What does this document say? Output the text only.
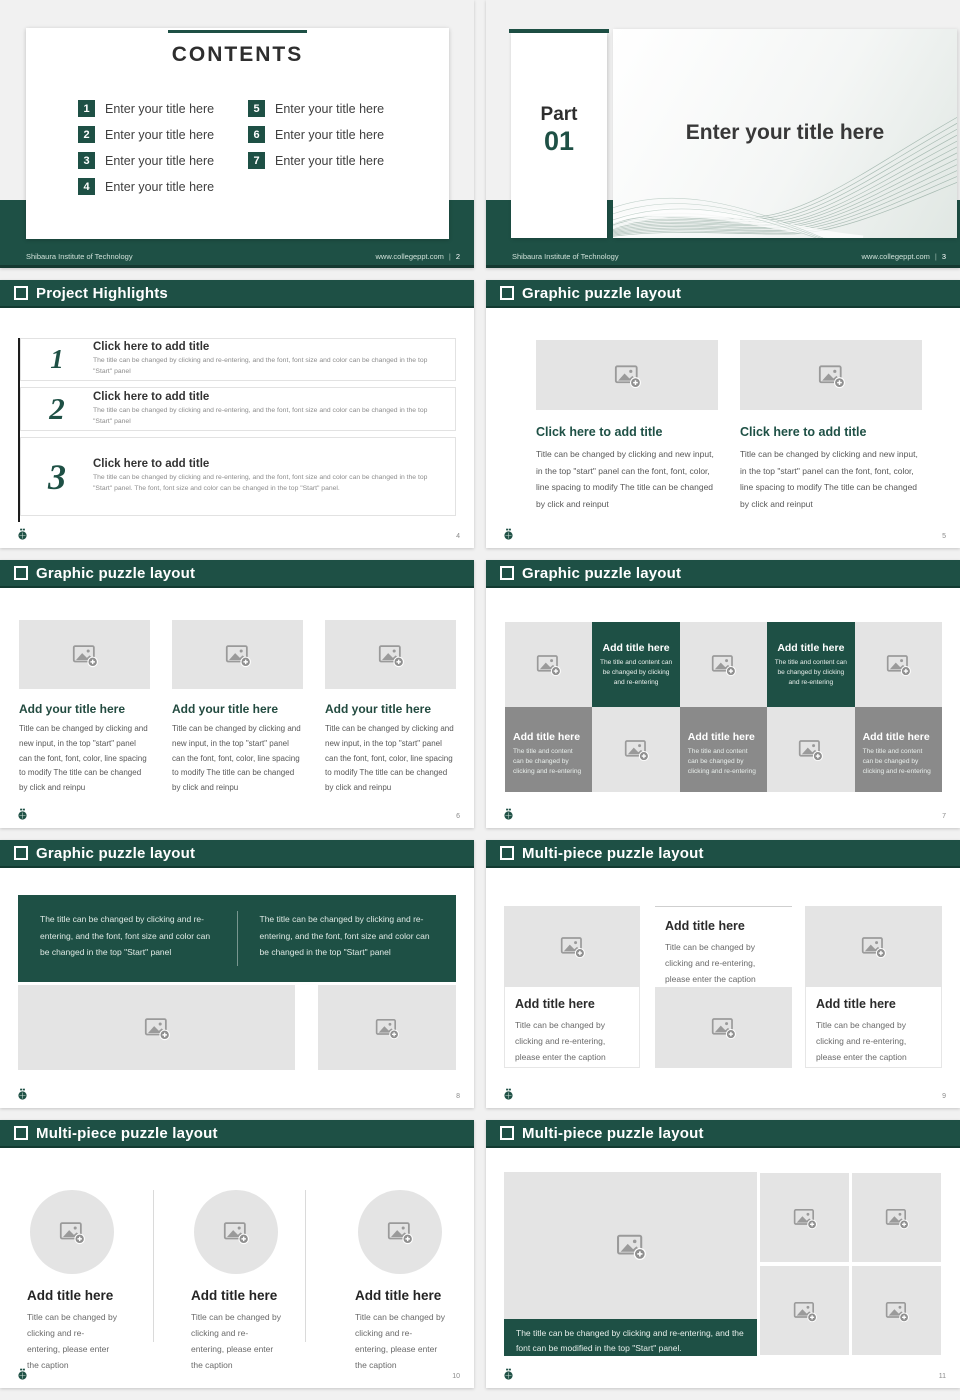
CONTENTS
1	Enter your title here
2	Enter your title here
3	Enter your title here
4	Enter your title here
5	Enter your title here
6	Enter your title here
7	Enter your title here
Shibaura Institute of Technology	www.collegeppt.com | 2
Enter your title here
Part
01
Shibaura Institute of Technology	www.collegeppt.com | 3
Project Highlights
1	Click here to add title
The title can be changed by clicking and re-entering, and the font, font size and color can be changed in the top "Start" panel
2	Click here to add title
The title can be changed by clicking and re-entering, and the font, font size and color can be changed in the top "Start" panel
3	Click here to add title
The title can be changed by clicking and re-entering, and the font, font size and color can be changed in the top "Start" panel. The font, font size and color can be changed in the top "Start" panel.
4
Graphic puzzle layout
Click here to add title
Title can be changed by clicking and new input, in the top "start" panel can the font, font, color, line spacing to modify The title can be changed by click and reinput
Click here to add title
Title can be changed by clicking and new input, in the top "start" panel can the font, font, color, line spacing to modify The title can be changed by click and reinput
5
Graphic puzzle layout
Add your title here
Title can be changed by clicking and new input, in the top "start" panel can the font, font, color, line spacing to modify The title can be changed by click and reinpu
Add your title here
Title can be changed by clicking and new input, in the top "start" panel can the font, font, color, line spacing to modify The title can be changed by click and reinpu
Add your title here
Title can be changed by clicking and new input, in the top "start" panel can the font, font, color, line spacing to modify The title can be changed by click and reinpu
6
Graphic puzzle layout
Add title here
The title and content can be changed by clicking and re-entering
Add title here
The title and content can be changed by clicking and re-entering
Add title here
The title and content can be changed by clicking and re-entering
Add title here
The title and content can be changed by clicking and re-entering
Add title here
The title and content can be changed by clicking and re-entering
7
Graphic puzzle layout
The title can be changed by clicking and re-entering, and the font, font size and color can be changed in the top "Start" panel
The title can be changed by clicking and re-entering, and the font, font size and color can be changed in the top "Start" panel
8
Multi-piece puzzle layout
Add title here
Title can be changed by clicking and re-entering, please enter the caption
Add title here
Title can be changed by clicking and re-entering, please enter the caption
Add title here
Title can be changed by clicking and re-entering, please enter the caption
9
Multi-piece puzzle layout
Add title here
Title can be changed by clicking and re-entering, please enter the caption
Add title here
Title can be changed by clicking and re-entering, please enter the caption
Add title here
Title can be changed by clicking and re-entering, please enter the caption
10
Multi-piece puzzle layout
The title can be changed by clicking and re-entering, and the font can be modified in the top "Start" panel.
11
